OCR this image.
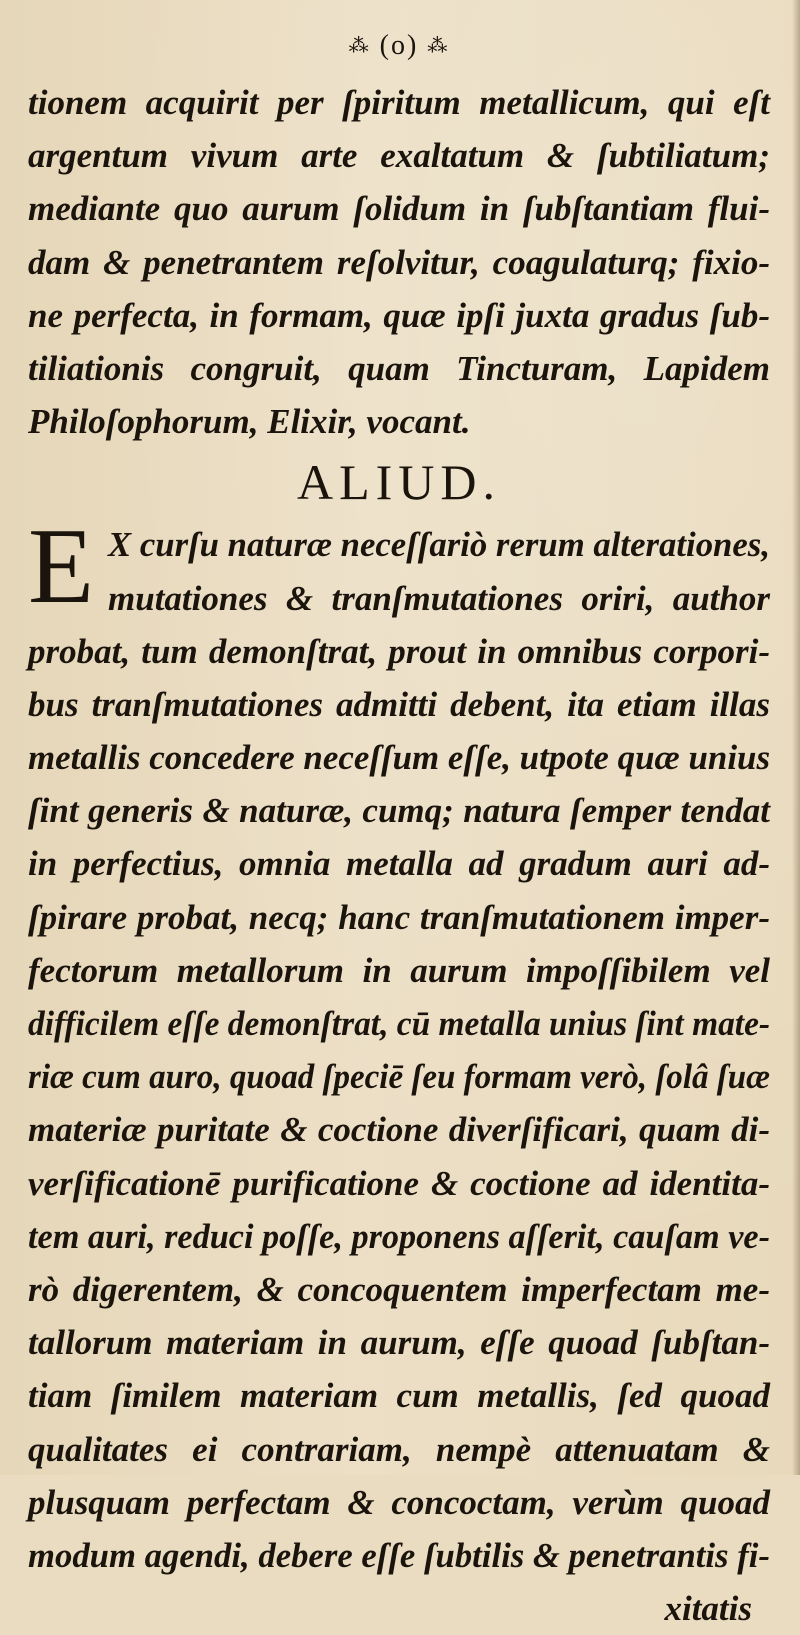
⁂ (o) ⁂
tionem acquirit per ſpiritum metallicum, qui eſt
argentum vivum arte exaltatum & ſubtiliatum;
mediante quo aurum ſolidum in ſubſtantiam flui-
dam & penetrantem reſolvitur, coagulaturq; fixio-
ne perfecta, in formam, quæ ipſi juxta gradus ſub-
tiliationis congruit, quam Tincturam, Lapidem
Philoſophorum, Elixir, vocant.
ALIUD.
E X curſu naturæ neceſſariò rerum alterationes,
mutationes & tranſmutationes oriri, author
probat, tum demonſtrat, prout in omnibus corpori-
bus tranſmutationes admitti debent, ita etiam illas
metallis concedere neceſſum eſſe, utpote quæ unius
ſint generis & naturæ, cumq; natura ſemper tendat
in perfectius, omnia metalla ad gradum auri ad-
ſpirare probat, necq; hanc tranſmutationem imper-
fectorum metallorum in aurum impoſſibilem vel
difficilem eſſe demonſtrat, cū metalla unius ſint mate-
riæ cum auro, quoad ſpeciē ſeu formam verò, ſolâ ſuæ
materiæ puritate & coctione diverſificari, quam di-
verſificationē purificatione & coctione ad identita-
tem auri, reduci poſſe, proponens aſſerit, cauſam ve-
rò digerentem, & concoquentem imperfectam me-
tallorum materiam in aurum, eſſe quoad ſubſtan-
tiam ſimilem materiam cum metallis, ſed quoad
qualitates ei contrariam, nempè attenuatam &
plusquam perfectam & concoctam, verùm quoad
modum agendi, debere eſſe ſubtilis & penetrantis fi-
xitatis
